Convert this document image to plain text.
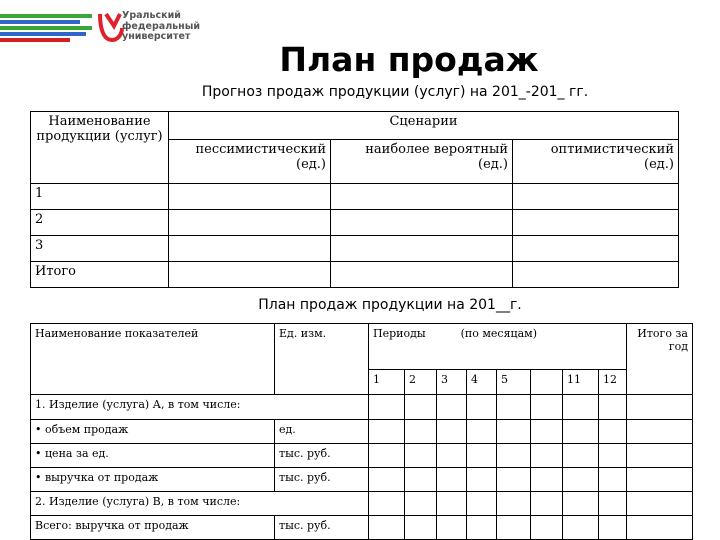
Уральский
федеральный
университет
План продаж
Прогноз продаж продукции (услуг) на 201_-201_ гг.
Наименование продукции (услуг)	Сценарии		
	пессимистический (ед.)	наиболее вероятный (ед.)	оптимистический (ед.)
1			
2			
3			
Итого			
План продаж продукции на 201__г.
Наименование показателей	Ед. изм.	Периоды (по месяцам)								Итого за год
		1	2	3	4	5		11	12	
1. Изделие (услуга) А, в том числе:										
• объем продаж	ед.									
• цена за ед.	тыс. руб.									
• выручка от продаж	тыс. руб.									
2. Изделие (услуга) В, в том числе:										
Всего: выручка от продаж	тыс. руб.									
